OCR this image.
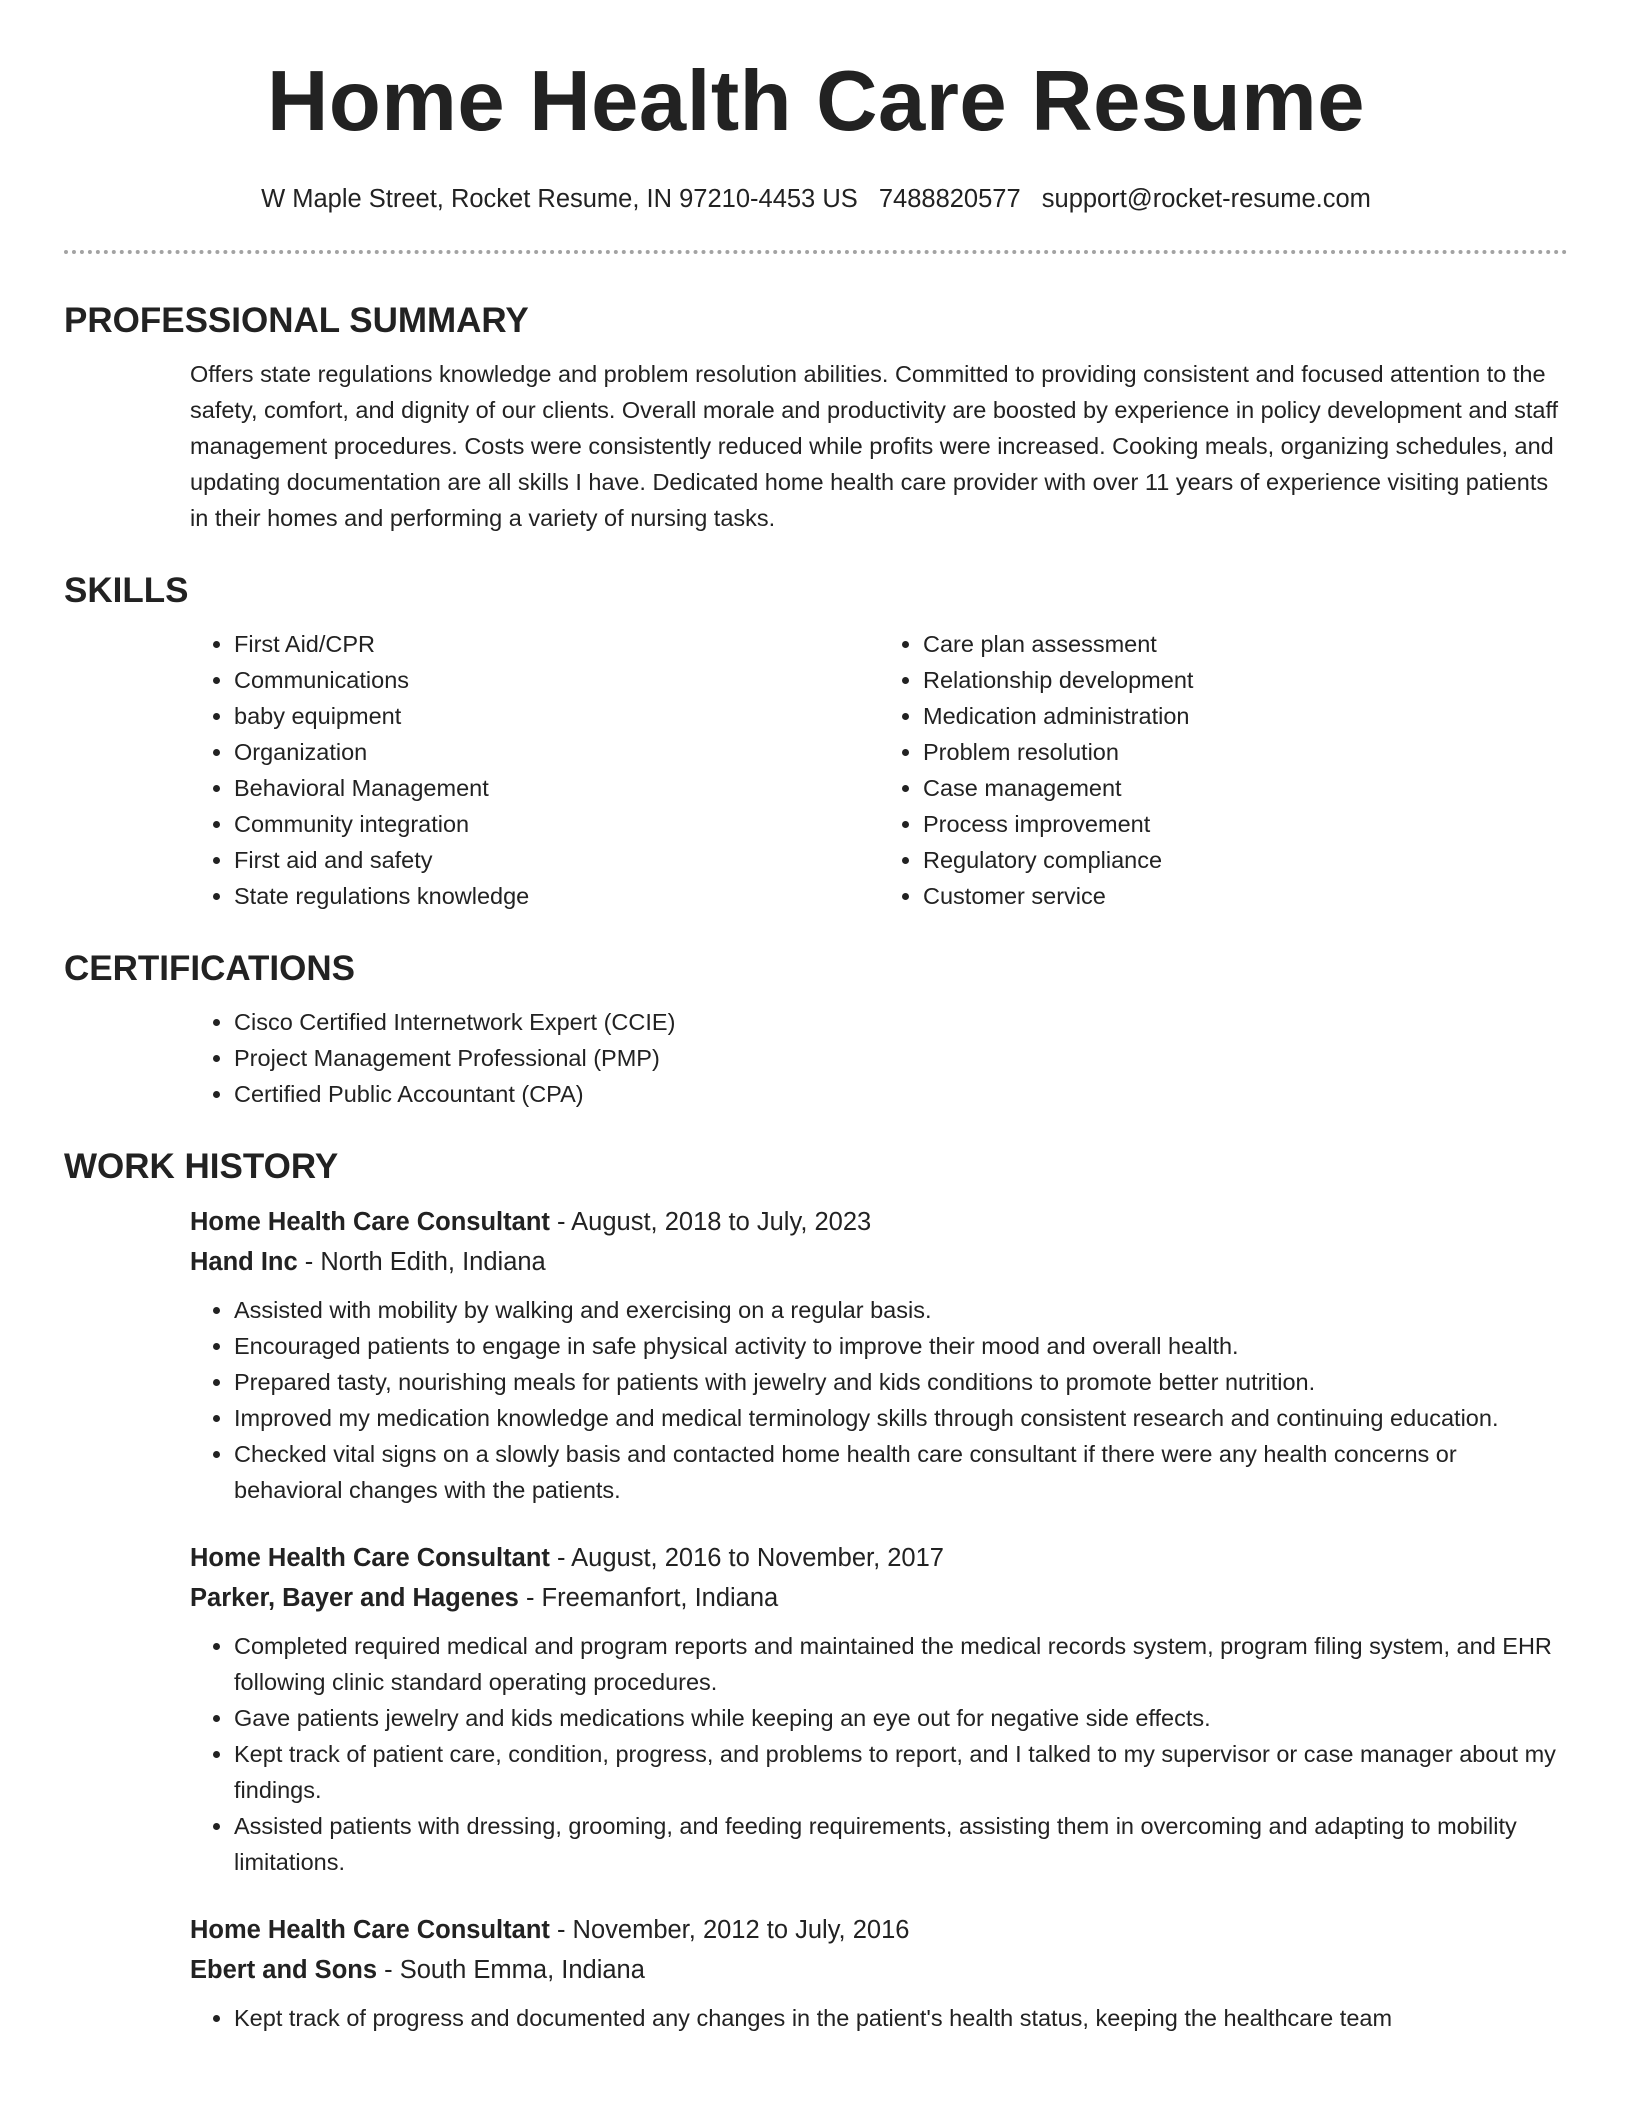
Home Health Care Resume
W Maple Street, Rocket Resume, IN 97210-4453 US 7488820577 support@rocket-resume.com
PROFESSIONAL SUMMARY

Offers state regulations knowledge and problem resolution abilities. Committed to providing consistent and focused attention to the safety, comfort, and dignity of our clients. Overall morale and productivity are boosted by experience in policy development and staff management procedures. Costs were consistently reduced while profits were increased. Cooking meals, organizing schedules, and updating documentation are all skills I have. Dedicated home health care provider with over 11 years of experience visiting patients in their homes and performing a variety of nursing tasks.

SKILLS
• First Aid/CPR
• Communications
• baby equipment
• Organization
• Behavioral Management
• Community integration
• First aid and safety
• State regulations knowledge
• Care plan assessment
• Relationship development
• Medication administration
• Problem resolution
• Case management
• Process improvement
• Regulatory compliance
• Customer service
CERTIFICATIONS
• Cisco Certified Internetwork Expert (CCIE)
• Project Management Professional (PMP)
• Certified Public Accountant (CPA)
WORK HISTORY
Home Health Care Consultant - August, 2018 to July, 2023
Hand Inc - North Edith, Indiana
• Assisted with mobility by walking and exercising on a regular basis.
• Encouraged patients to engage in safe physical activity to improve their mood and overall health.
• Prepared tasty, nourishing meals for patients with jewelry and kids conditions to promote better nutrition.
• Improved my medication knowledge and medical terminology skills through consistent research and continuing education.
• Checked vital signs on a slowly basis and contacted home health care consultant if there were any health concerns or behavioral changes with the patients.
Home Health Care Consultant - August, 2016 to November, 2017
Parker, Bayer and Hagenes - Freemanfort, Indiana
• Completed required medical and program reports and maintained the medical records system, program filing system, and EHR following clinic standard operating procedures.
• Gave patients jewelry and kids medications while keeping an eye out for negative side effects.
• Kept track of patient care, condition, progress, and problems to report, and I talked to my supervisor or case manager about my findings.
• Assisted patients with dressing, grooming, and feeding requirements, assisting them in overcoming and adapting to mobility limitations.
Home Health Care Consultant - November, 2012 to July, 2016
Ebert and Sons - South Emma, Indiana
• Kept track of progress and documented any changes in the patient's health status, keeping the healthcare team
